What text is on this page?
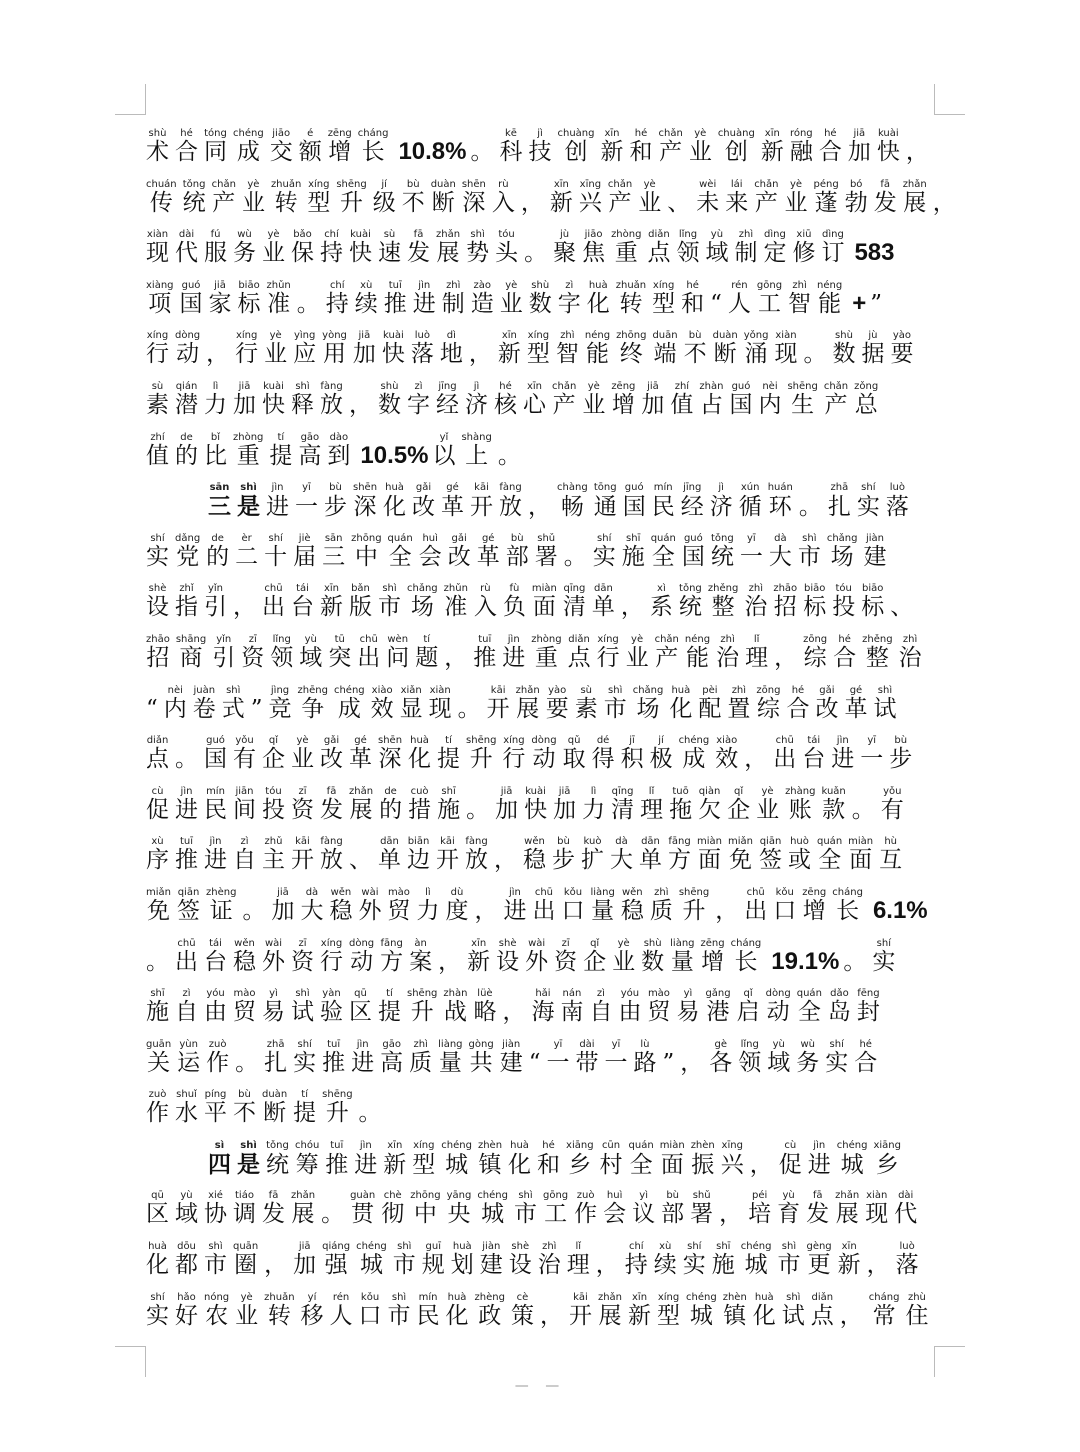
术shù合hé同tóng成chéng交jiāo额é增zēng长cháng10.8% 。 科kē技jì创chuàng新xīn和hé产chǎn业yè创chuàng新xīn融róng合hé加jiā快kuài，
传chuán统tǒng产chǎn业yè转zhuǎn型xíng升shēng级jí不bù断duàn深shēn入rù， 新xīn兴xīng产chǎn业yè、 未wèi来lái产chǎn业yè蓬péng勃bó发fā展zhǎn，
现xiàn代dài服fú务wù业yè保bǎo持chí快kuài速sù发fā展zhǎn势shì头tóu。 聚jù焦jiāo重zhòng点diǎn领lǐng域yù制zhì定dìng修xiū订dìng583
项xiàng国guó家jiā标biāo准zhǔn。 持chí续xù推tuī进jìn制zhì造zào业yè数shù字zì化huà转zhuǎn型xíng和hé“ 人rén工gōng智zhì能néng+ ”
行xíng动dòng， 行xíng业yè应yìng用yòng加jiā快kuài落luò地dì， 新xīn型xíng智zhì能néng终zhōng端duān不bù断duàn涌yǒng现xiàn。 数shù据jù要yào
素sù潜qián力lì加jiā快kuài释shì放fàng， 数shù字zì经jīng济jì核hé心xīn产chǎn业yè增zēng加jiā值zhí占zhàn国guó内nèi生shēng产chǎn总zǒng
值zhí的de比bǐ重zhòng提tí高gāo到dào10.5% 以yǐ上shàng。
三sān是shì进jìn一yī步bù深shēn化huà改gǎi革gé开kāi放fàng， 畅chàng通tōng国guó民mín经jīng济jì循xún环huán。 扎zhā实shí落luò
实shí党dǎng的de二èr十shí届jiè三sān中zhōng全quán会huì改gǎi革gé部bù署shǔ。 实shí施shī全quán国guó统tǒng一yī大dà市shì场chǎng建jiàn
设shè指zhǐ引yǐn， 出chū台tái新xīn版bǎn市shì场chǎng准zhǔn入rù负fù面miàn清qīng单dān， 系xì统tǒng整zhěng治zhì招zhāo标biāo投tóu标biāo、
招zhāo商shāng引yǐn资zī领lǐng域yù突tū出chū问wèn题tí， 推tuī进jìn重zhòng点diǎn行xíng业yè产chǎn能néng治zhì理lǐ， 综zōng合hé整zhěng治zhì
“ 内nèi卷juàn式shì” 竞jìng争zhēng成chéng效xiào显xiǎn现xiàn。 开kāi展zhǎn要yào素sù市shì场chǎng化huà配pèi置zhì综zōng合hé改gǎi革gé试shì
点diǎn。 国guó有yǒu企qǐ业yè改gǎi革gé深shēn化huà提tí升shēng行xíng动dòng取qǔ得dé积jī极jí成chéng效xiào， 出chū台tái进jìn一yī步bù
促cù进jìn民mín间jiān投tóu资zī发fā展zhǎn的de措cuò施shī。 加jiā快kuài加jiā力lì清qīng理lǐ拖tuō欠qiàn企qǐ业yè账zhàng款kuǎn。 有yǒu
序xù推tuī进jìn自zì主zhǔ开kāi放fàng、 单dān边biān开kāi放fàng， 稳wěn步bù扩kuò大dà单dān方fāng面miàn免miǎn签qiān或huò全quán面miàn互hù
免miǎn签qiān证zhèng。 加jiā大dà稳wěn外wài贸mào力lì度dù， 进jìn出chū口kǒu量liàng稳wěn质zhì升shēng， 出chū口kǒu增zēng长cháng6.1%
。 出chū台tái稳wěn外wài资zī行xíng动dòng方fāng案àn， 新xīn设shè外wài资zī企qǐ业yè数shù量liàng增zēng长cháng19.1% 。 实shí
施shī自zì由yóu贸mào易yì试shì验yàn区qū提tí升shēng战zhàn略lüè， 海hǎi南nán自zì由yóu贸mào易yì港gǎng启qǐ动dòng全quán岛dǎo封fēng
关guān运yùn作zuò。 扎zhā实shí推tuī进jìn高gāo质zhì量liàng共gòng建jiàn“ 一yī带dài一yī路lù” ， 各gè领lǐng域yù务wù实shí合hé
作zuò水shuǐ平píng不bù断duàn提tí升shēng。
四sì是shì统tǒng筹chóu推tuī进jìn新xīn型xíng城chéng镇zhèn化huà和hé乡xiāng村cūn全quán面miàn振zhèn兴xīng， 促cù进jìn城chéng乡xiāng
区qū域yù协xié调tiáo发fā展zhǎn。 贯guàn彻chè中zhōng央yāng城chéng市shì工gōng作zuò会huì议yì部bù署shǔ， 培péi育yù发fā展zhǎn现xiàn代dài
化huà都dōu市shì圈quān， 加jiā强qiáng城chéng市shì规guī划huà建jiàn设shè治zhì理lǐ， 持chí续xù实shí施shī城chéng市shì更gèng新xīn， 落luò
实shí好hǎo农nóng业yè转zhuǎn移yí人rén口kǒu市shì民mín化huà政zhèng策cè， 开kāi展zhǎn新xīn型xíng城chéng镇zhèn化huà试shì点diǎn， 常cháng住zhù
— —
